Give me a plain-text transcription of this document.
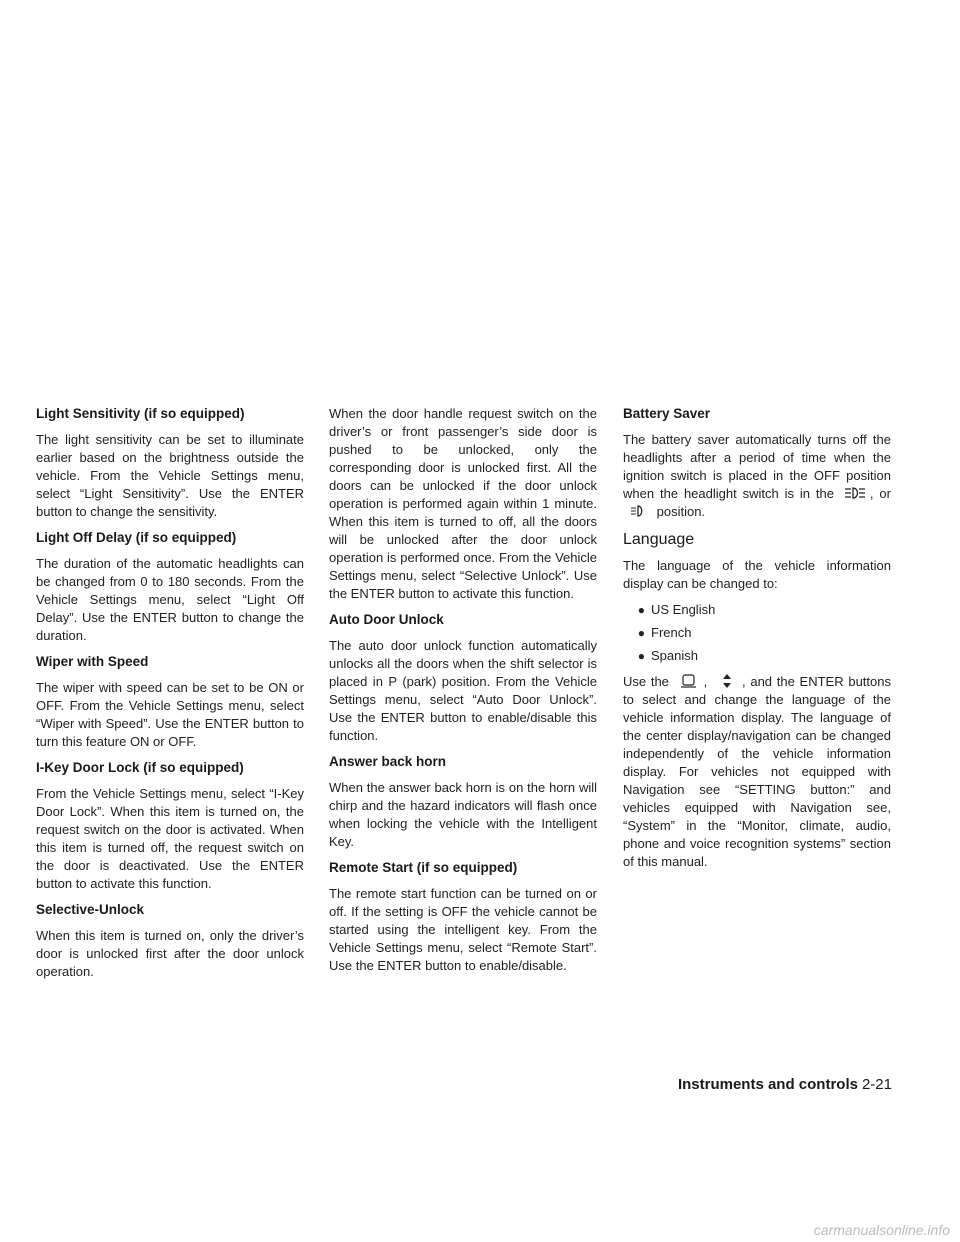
Light Sensitivity (if so equipped)

The light sensitivity can be set to illuminate earlier based on the brightness outside the vehicle. From the Vehicle Settings menu, select “Light Sensitivity”. Use the ENTER button to change the sensitivity.

Light Off Delay (if so equipped)

The duration of the automatic headlights can be changed from 0 to 180 seconds. From the Vehicle Settings menu, select “Light Off Delay”. Use the ENTER button to change the duration.

Wiper with Speed

The wiper with speed can be set to be ON or OFF. From the Vehicle Settings menu, select “Wiper with Speed”. Use the ENTER button to turn this feature ON or OFF.

I-Key Door Lock (if so equipped)

From the Vehicle Settings menu, select “I-Key Door Lock”. When this item is turned on, the request switch on the door is activated. When this item is turned off, the request switch on the door is deactivated. Use the ENTER button to activate this function.

Selective-Unlock

When this item is turned on, only the driver’s door is unlocked first after the door unlock operation.

When the door handle request switch on the driver’s or front passenger’s side door is pushed to be unlocked, only the corresponding door is unlocked first. All the doors can be unlocked if the door unlock operation is performed again within 1 minute. When this item is turned to off, all the doors will be unlocked after the door unlock operation is performed once. From the Vehicle Settings menu, select “Selective Unlock”. Use the ENTER button to activate this function.

Auto Door Unlock

The auto door unlock function automatically unlocks all the doors when the shift selector is placed in P (park) position. From the Vehicle Settings menu, select “Auto Door Unlock”. Use the ENTER button to enable/disable this function.

Answer back horn

When the answer back horn is on the horn will chirp and the hazard indicators will flash once when locking the vehicle with the Intelligent Key.

Remote Start (if so equipped)

The remote start function can be turned on or off. If the setting is OFF the vehicle cannot be started using the intelligent key. From the Vehicle Settings menu, select “Remote Start”. Use the ENTER button to enable/disable.

Battery Saver

The battery saver automatically turns off the headlights after a period of time when the ignition switch is placed in the OFF position when the headlight switch is in the	, or  position.

Language

The language of the vehicle information display can be changed to:

● US English
● French
● Spanish

Use the	,	, and the ENTER buttons to select and change the language of the vehicle information display. The language of the center display/navigation can be changed independently of the vehicle information display. For vehicles not equipped with Navigation see “SETTING button:” and vehicles equipped with Navigation see, “System” in the “Monitor, climate, audio, phone and voice recognition systems” section of this manual.

Instruments and controls 2-21
carmanualsonline.info
